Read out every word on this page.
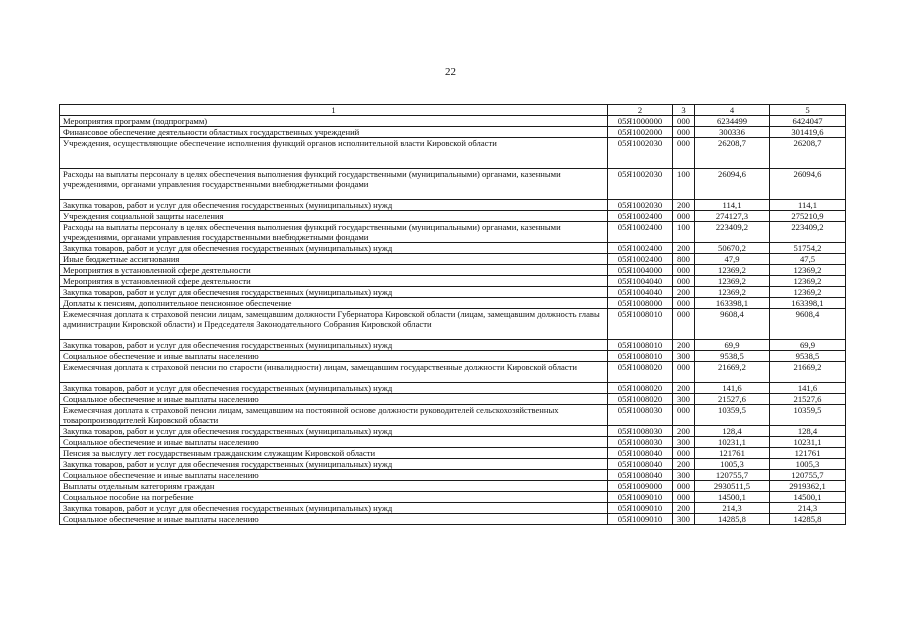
22
1	2	3	4	5
Мероприятия программ (подпрограмм)	05Я1000000	000	6234499	6424047
Финансовое обеспечение деятельности областных государственных учреждений	05Я1002000	000	300336	301419,6
Учреждения, осуществляющие обеспечение исполнения функций органов исполнительной власти Кировской области	05Я1002030	000	26208,7	26208,7
Расходы на выплаты персоналу в целях обеспечения выполнения функций государственными (муниципальными) органами, казенными учреждениями, органами управления государственными внебюджетными фондами	05Я1002030	100	26094,6	26094,6
Закупка товаров, работ и услуг для обеспечения государственных (муниципальных) нужд	05Я1002030	200	114,1	114,1
Учреждения социальной защиты населения	05Я1002400	000	274127,3	275210,9
Расходы на выплаты персоналу в целях обеспечения выполнения функций государственными (муниципальными) органами, казенными учреждениями, органами управления государственными внебюджетными фондами	05Я1002400	100	223409,2	223409,2
Закупка товаров, работ и услуг для обеспечения государственных (муниципальных) нужд	05Я1002400	200	50670,2	51754,2
Иные бюджетные ассигнования	05Я1002400	800	47,9	47,5
Мероприятия в установленной сфере деятельности	05Я1004000	000	12369,2	12369,2
Мероприятия в установленной сфере деятельности	05Я1004040	000	12369,2	12369,2
Закупка товаров, работ и услуг для обеспечения государственных (муниципальных) нужд	05Я1004040	200	12369,2	12369,2
Доплаты к пенсиям, дополнительное пенсионное обеспечение	05Я1008000	000	163398,1	163398,1
Ежемесячная доплата к страховой пенсии лицам, замещавшим должности Губернатора Кировской области (лицам, замещавшим должность главы администрации Кировской области) и Председателя Законодательного Собрания Кировской области	05Я1008010	000	9608,4	9608,4
Закупка товаров, работ и услуг для обеспечения государственных (муниципальных) нужд	05Я1008010	200	69,9	69,9
Социальное обеспечение и иные выплаты населению	05Я1008010	300	9538,5	9538,5
Ежемесячная доплата к страховой пенсии по старости (инвалидности) лицам, замещавшим государственные должности Кировской области	05Я1008020	000	21669,2	21669,2
Закупка товаров, работ и услуг для обеспечения государственных (муниципальных) нужд	05Я1008020	200	141,6	141,6
Социальное обеспечение и иные выплаты населению	05Я1008020	300	21527,6	21527,6
Ежемесячная доплата к страховой пенсии лицам, замещавшим на постоянной основе должности руководителей сельскохозяйственных товаропроизводителей Кировской области	05Я1008030	000	10359,5	10359,5
Закупка товаров, работ и услуг для обеспечения государственных (муниципальных) нужд	05Я1008030	200	128,4	128,4
Социальное обеспечение и иные выплаты населению	05Я1008030	300	10231,1	10231,1
Пенсия за выслугу лет государственным гражданским служащим Кировской области	05Я1008040	000	121761	121761
Закупка товаров, работ и услуг для обеспечения государственных (муниципальных) нужд	05Я1008040	200	1005,3	1005,3
Социальное обеспечение и иные выплаты населению	05Я1008040	300	120755,7	120755,7
Выплаты отдельным категориям граждан	05Я1009000	000	2930511,5	2919362,1
Социальное пособие на погребение	05Я1009010	000	14500,1	14500,1
Закупка товаров, работ и услуг для обеспечения государственных (муниципальных) нужд	05Я1009010	200	214,3	214,3
Социальное обеспечение и иные выплаты населению	05Я1009010	300	14285,8	14285,8
